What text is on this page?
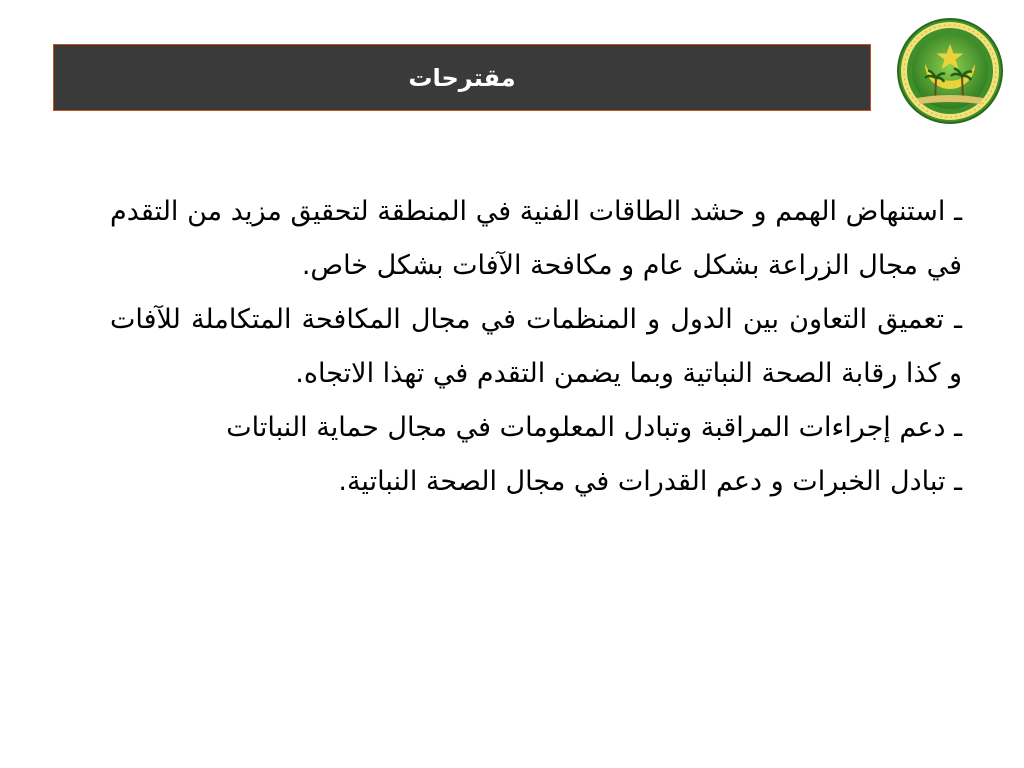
مقترحات

ـ استنهاض الهمم و حشد الطاقات الفنية في المنطقة لتحقيق مزيد من التقدم في مجال الزراعة بشكل عام و مكافحة الآفات بشكل خاص.

ـ تعميق التعاون بين الدول و المنظمات في مجال المكافحة المتكاملة للآفات و كذا رقابة الصحة النباتية وبما يضمن التقدم في تهذا الاتجاه.

ـ دعم إجراءات المراقبة وتبادل المعلومات في مجال حماية النباتات

ـ تبادل الخبرات و دعم القدرات في مجال الصحة النباتية.
